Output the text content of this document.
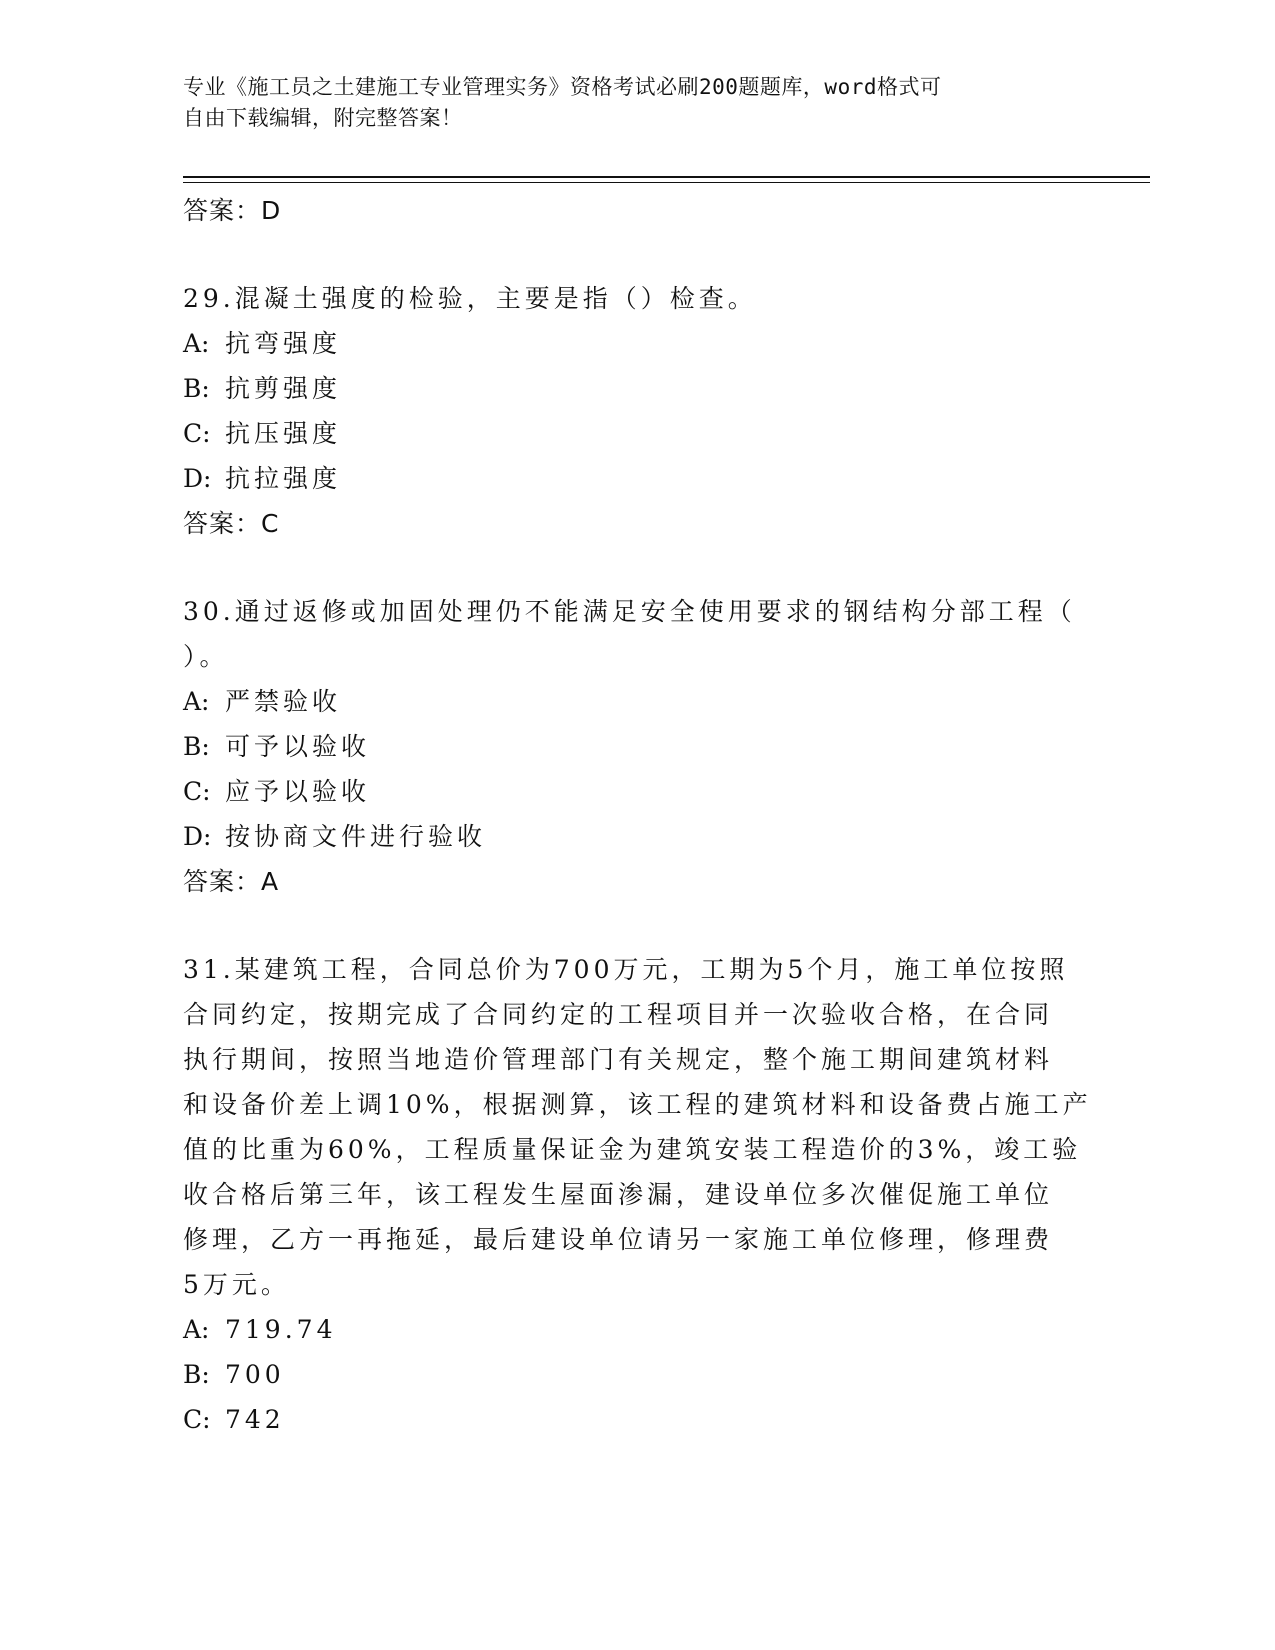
专业《施工员之土建施工专业管理实务》资格考试必刷200题题库，word格式可
自由下载编辑，附完整答案！
答案：D
29.混凝土强度的检验，主要是指（）检查。
A: 抗弯强度
B: 抗剪强度
C: 抗压强度
D: 抗拉强度
答案：C
30.通过返修或加固处理仍不能满足安全使用要求的钢结构分部工程（
）。
A: 严禁验收
B: 可予以验收
C: 应予以验收
D: 按协商文件进行验收
答案：A
31.某建筑工程，合同总价为700万元，工期为5个月，施工单位按照
合同约定，按期完成了合同约定的工程项目并一次验收合格，在合同
执行期间，按照当地造价管理部门有关规定，整个施工期间建筑材料
和设备价差上调10%，根据测算，该工程的建筑材料和设备费占施工产
值的比重为60%，工程质量保证金为建筑安装工程造价的3%，竣工验
收合格后第三年，该工程发生屋面渗漏，建设单位多次催促施工单位
修理，乙方一再拖延，最后建设单位请另一家施工单位修理，修理费
5万元。
A: 719.74
B: 700
C: 742
